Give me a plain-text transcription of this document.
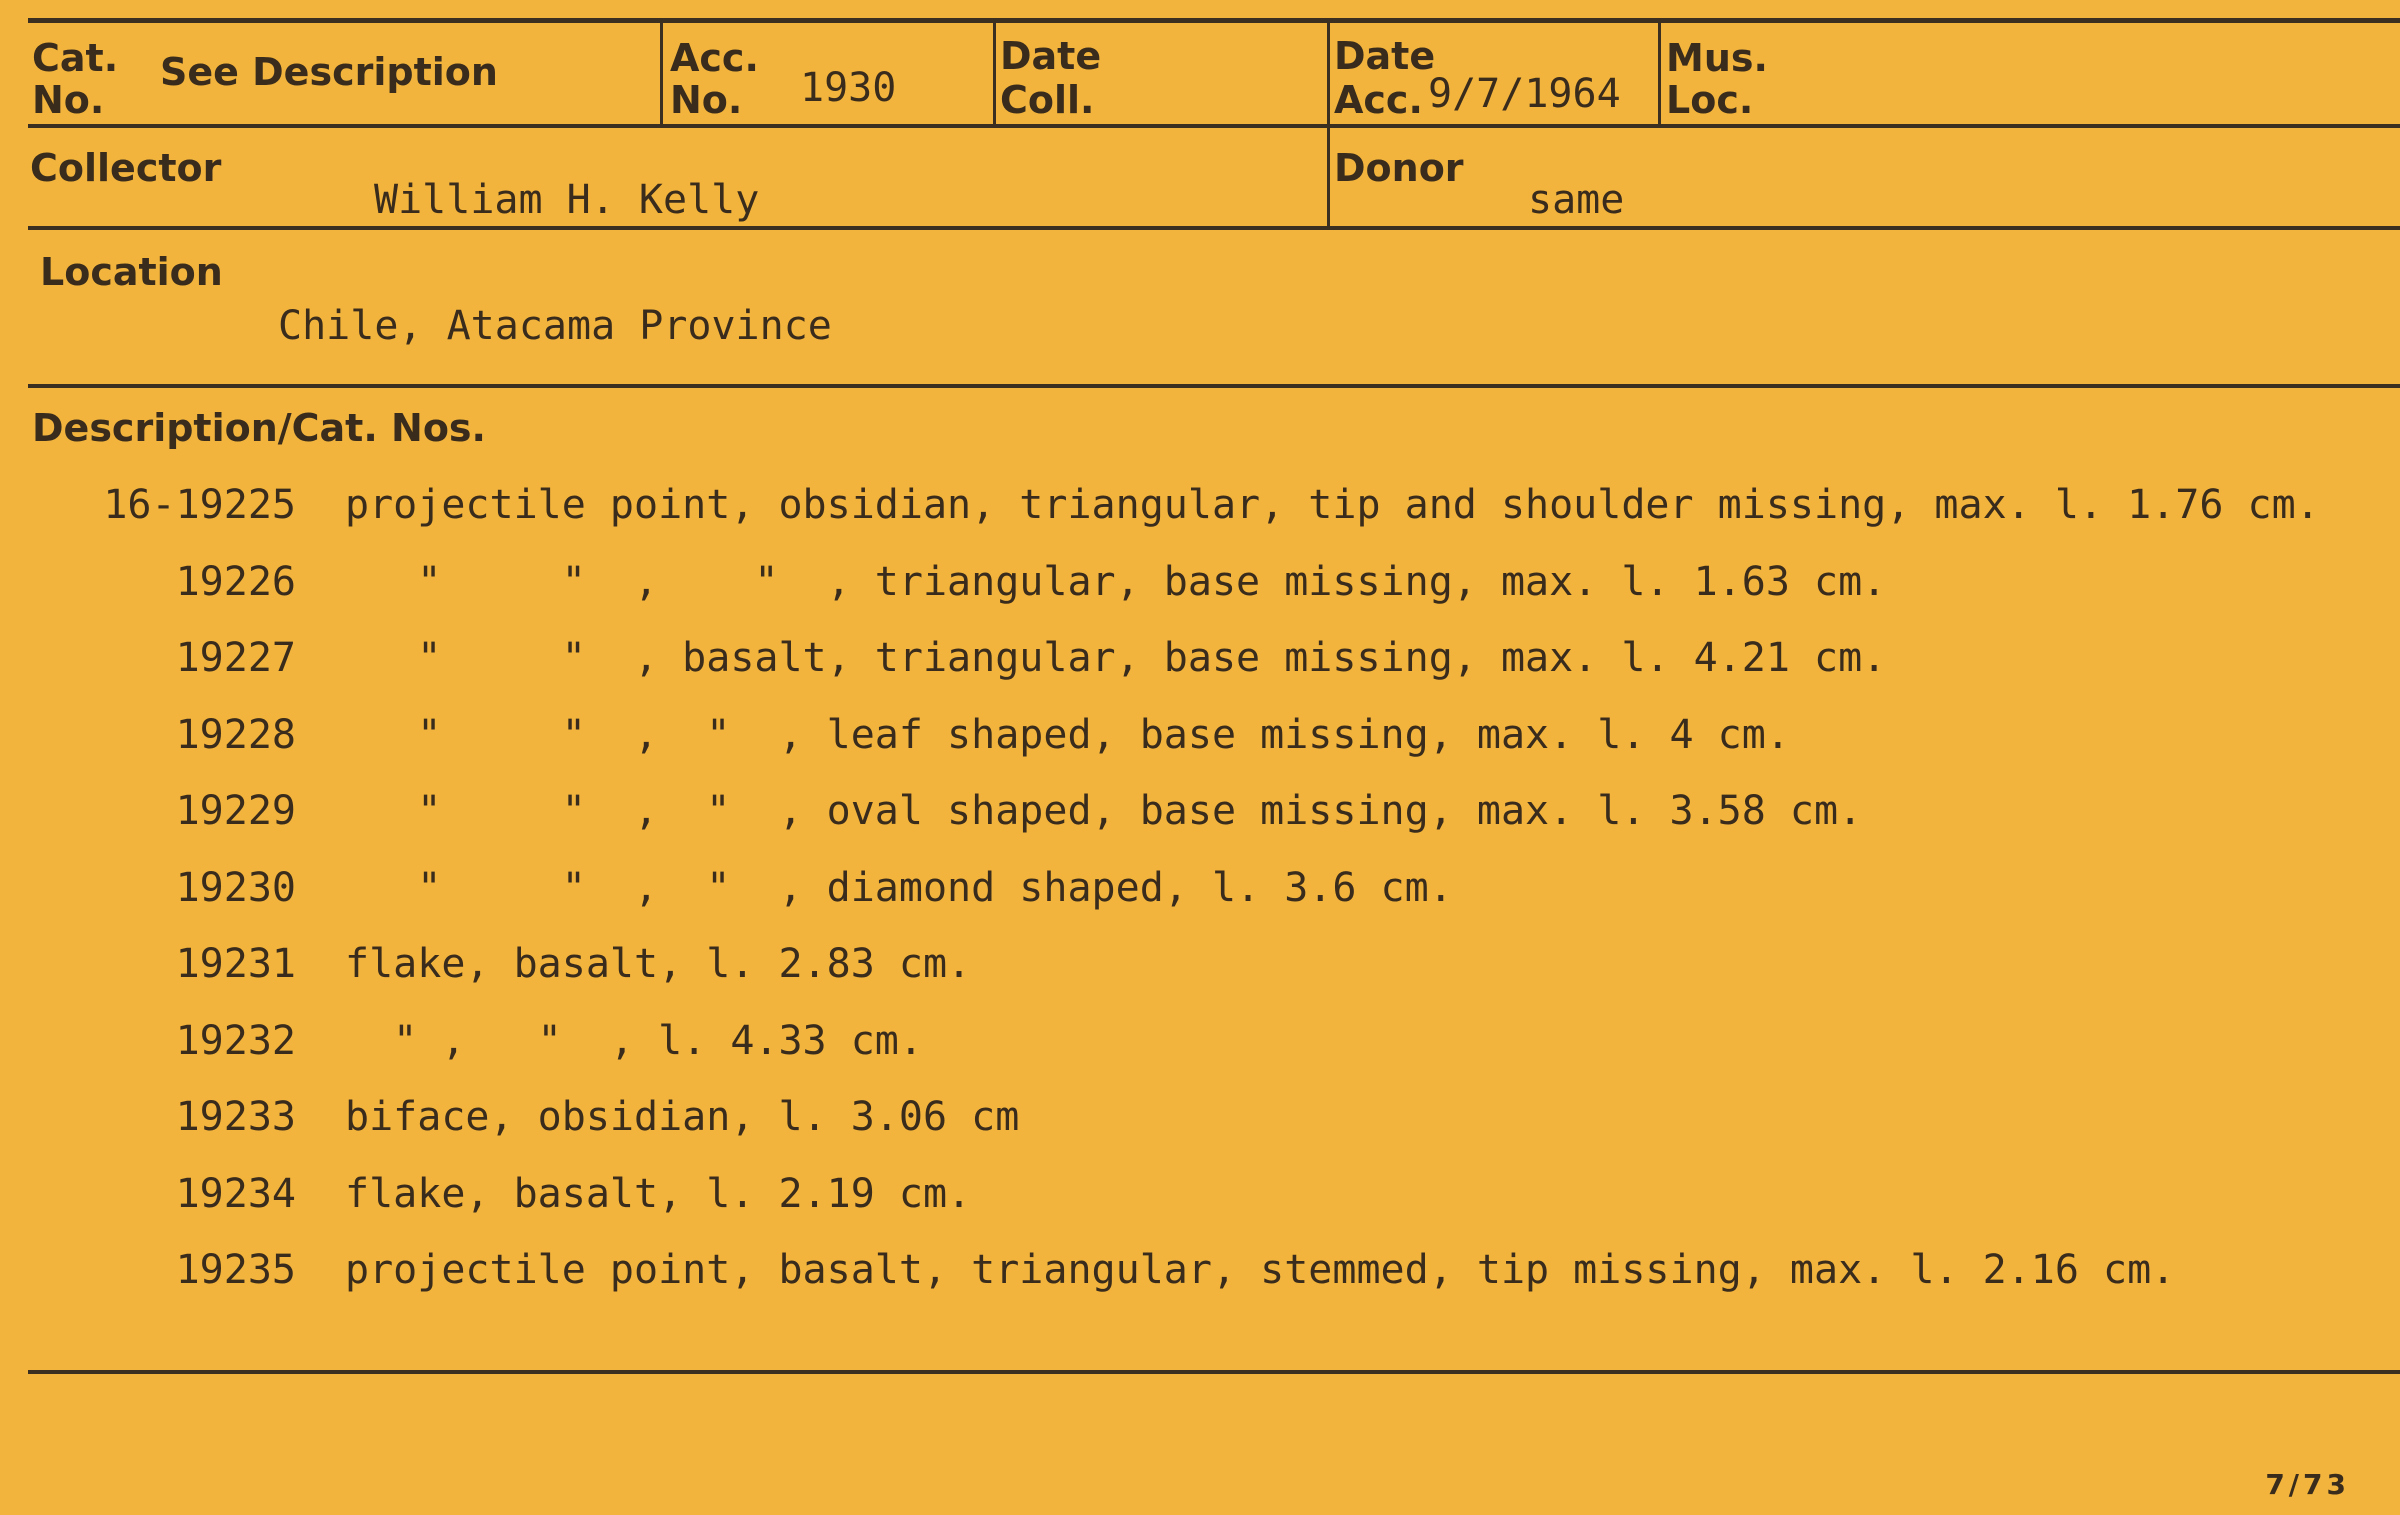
Cat.
No.
See Description	Acc.
No. 1930
Date
Coll.
Date
Acc. 9/7/1964
Mus.
Loc.
Collector
William H. Kelly
Donor
same
Location
Chile, Atacama Province
Description/Cat. Nos.
16-19225 projectile point, obsidian, triangular, tip and shoulder missing, max. l. 1.76 cm.
19226 "     "  ,    "  , triangular, base missing, max. l. 1.63 cm.
19227 "     "  , basalt, triangular, base missing, max. l. 4.21 cm.
19228 "     "  ,  "  , leaf shaped, base missing, max. l. 4 cm.
19229 "     "  ,  "  , oval shaped, base missing, max. l. 3.58 cm.
19230 "     "  ,  "  , diamond shaped, l. 3.6 cm.
19231 flake, basalt, l. 2.83 cm.
19232 " ,   "  , l. 4.33 cm.
19233 biface, obsidian, l. 3.06 cm
19234 flake, basalt, l. 2.19 cm.
19235 projectile point, basalt, triangular, stemmed, tip missing, max. l. 2.16 cm.
7/73
